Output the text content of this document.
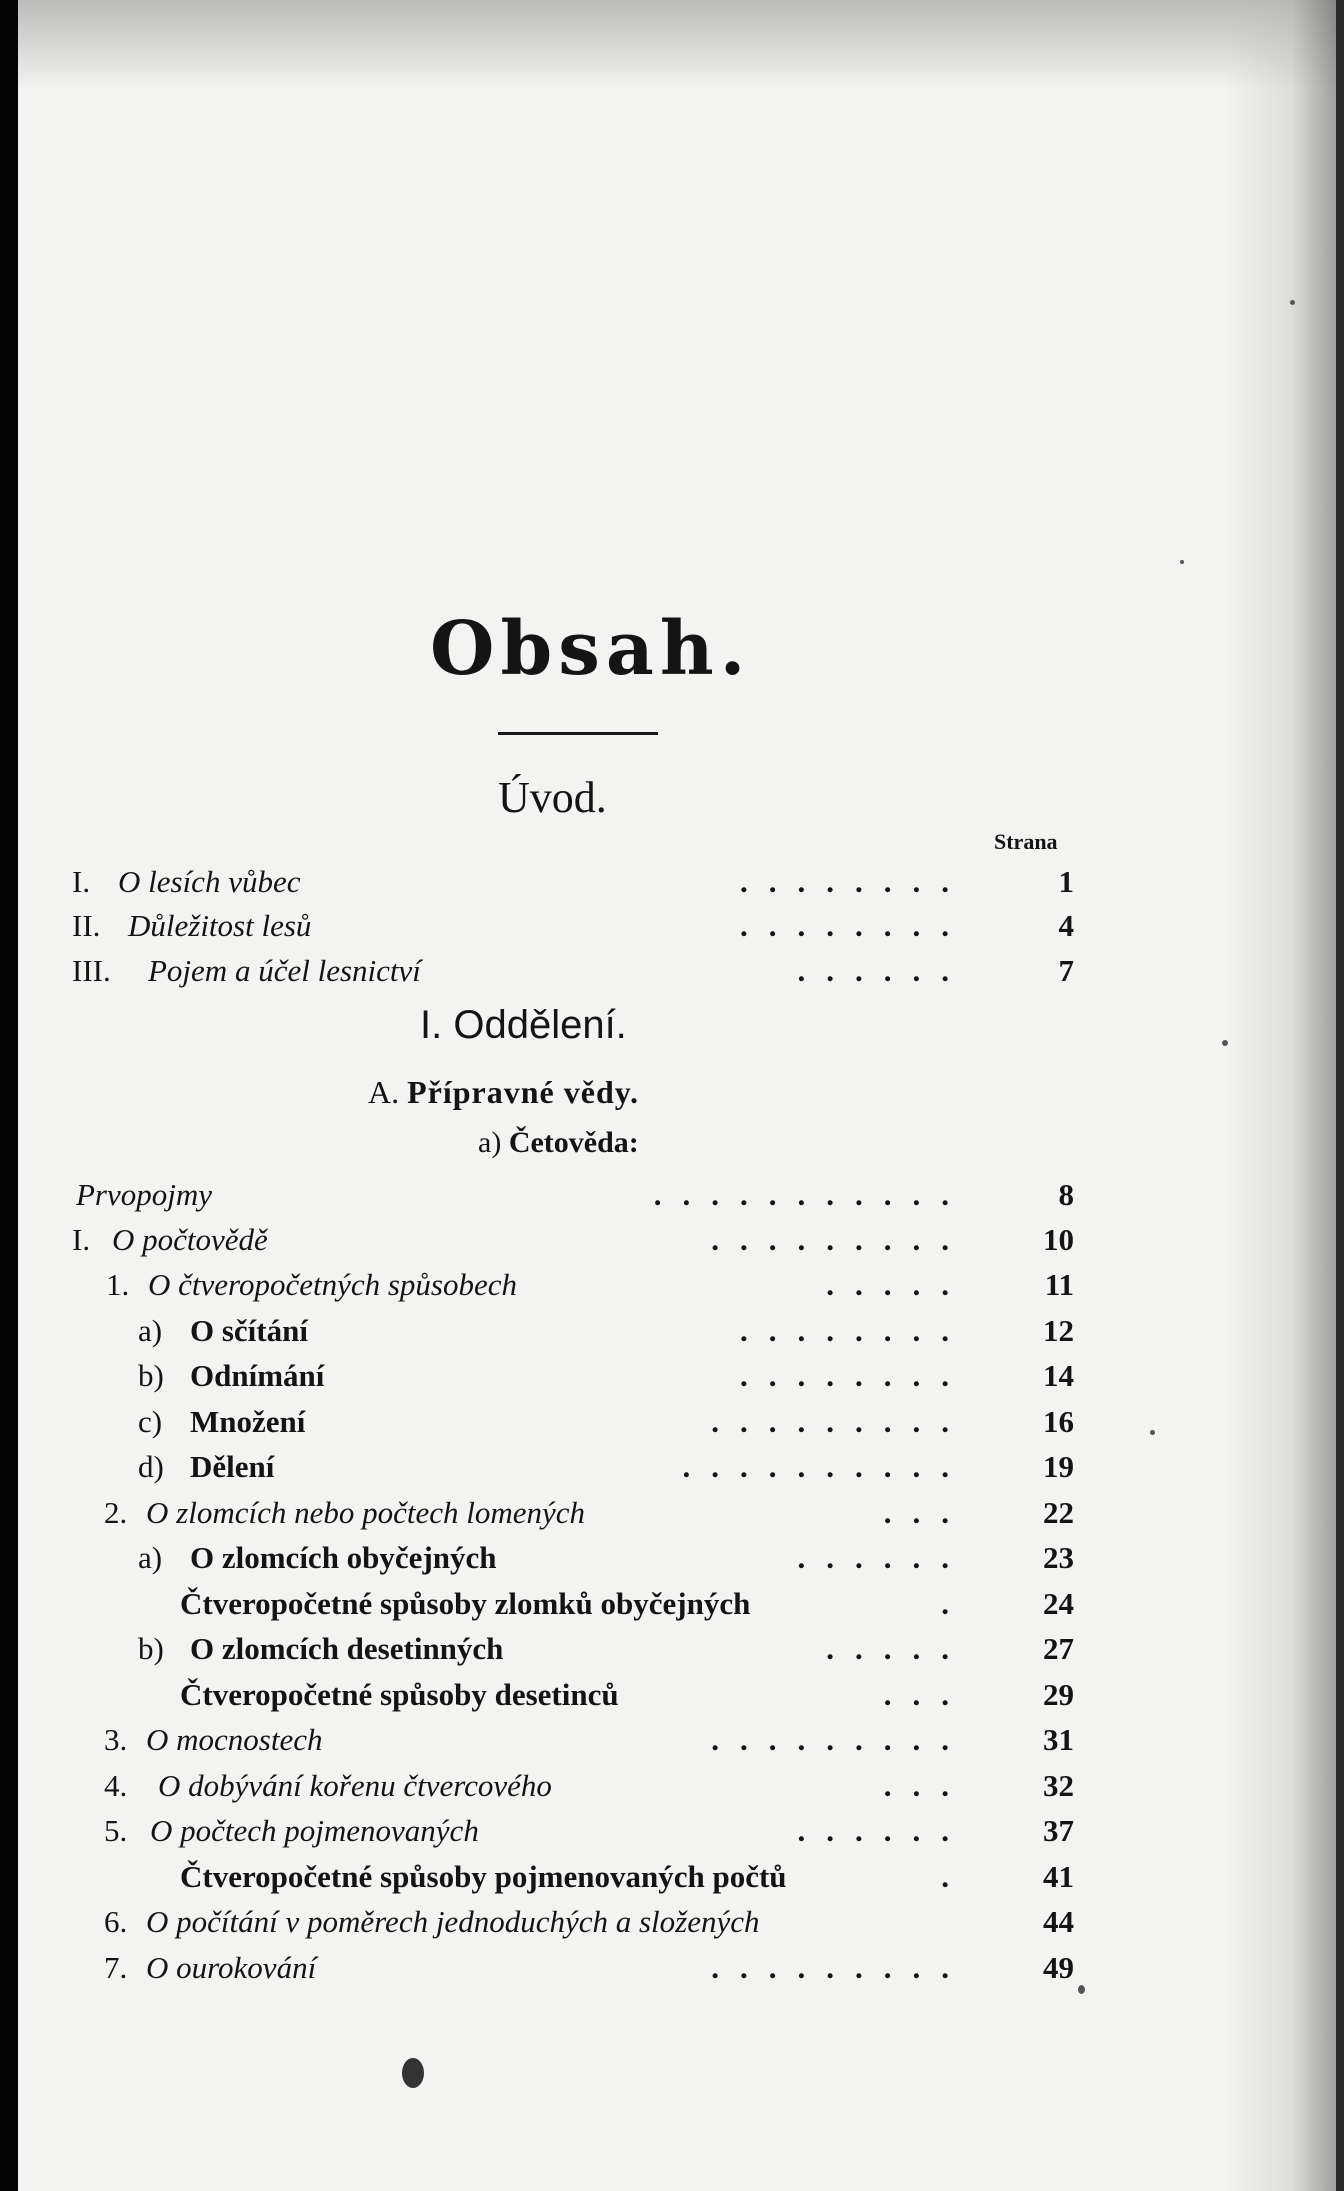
Obsah.
Úvod.
Strana
I. Oddělení.
A. Přípravné vědy.
a) Četověda:
I. O lesích vůbec	........	1
II. Důležitost lesů	........	4
III. Pojem a účel lesnictví	......	7
Prvopojmy	...........	8
I. O počtovědě	.........	10
1. O čtveropočetných spůsobech	.....	11
a) O sčítání	........	12
b) Odnímání	........	14
c) Množení	.........	16
d) Dělení	..........	19
2. O zlomcích nebo počtech lomených	...	22
a) O zlomcích obyčejných	......	23
Čtveropočetné spůsoby zlomků obyčejných	.	24
b) O zlomcích desetinných	.....	27
Čtveropočetné spůsoby desetinců	...	29
3. O mocnostech	.........	31
4. O dobývání kořenu čtvercového	...	32
5. O počtech pojmenovaných	......	37
Čtveropočetné spůsoby pojmenovaných počtů	.	41
6. O počítání v poměrech jednoduchých a složených	44
7. O ourokování	.........	49
